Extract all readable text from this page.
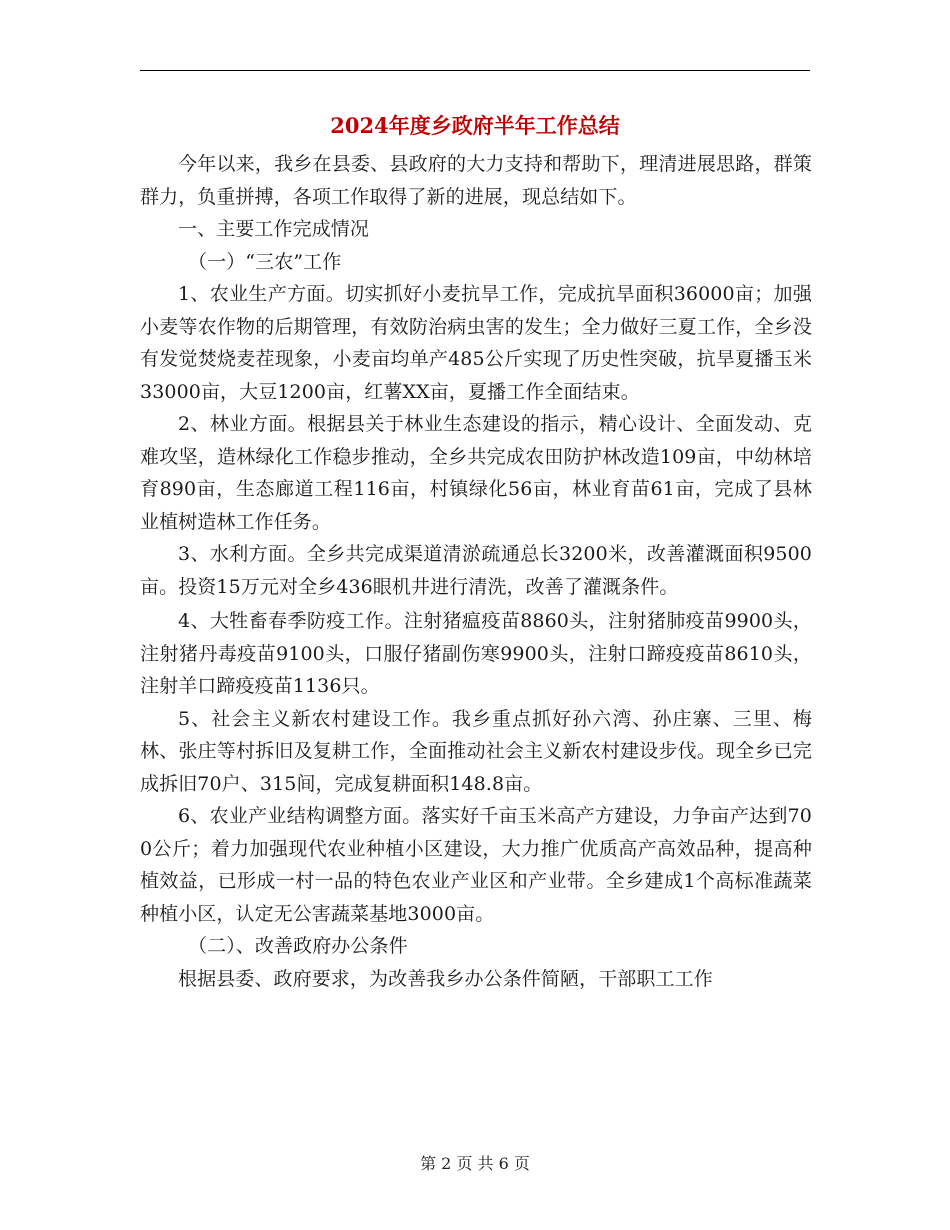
2024年度乡政府半年工作总结

今年以来，我乡在县委、县政府的大力支持和帮助下，理清进展思路，群策群力，负重拼搏，各项工作取得了新的进展，现总结如下。

一、主要工作完成情况

（一）“三农”工作

1、农业生产方面。切实抓好小麦抗旱工作，完成抗旱面积36000亩；加强小麦等农作物的后期管理，有效防治病虫害的发生；全力做好三夏工作，全乡没有发觉焚烧麦茬现象，小麦亩均单产485公斤实现了历史性突破，抗旱夏播玉米33000亩，大豆1200亩，红薯XX亩，夏播工作全面结束。

2、林业方面。根据县关于林业生态建设的指示，精心设计、全面发动、克难攻坚，造林绿化工作稳步推动，全乡共完成农田防护林改造109亩，中幼林培育890亩，生态廊道工程116亩，村镇绿化56亩，林业育苗61亩，完成了县林业植树造林工作任务。

3、水利方面。全乡共完成渠道清淤疏通总长3200米，改善灌溉面积9500亩。投资15万元对全乡436眼机井进行清洗，改善了灌溉条件。

4、大牲畜春季防疫工作。注射猪瘟疫苗8860头，注射猪肺疫苗9900头，注射猪丹毒疫苗9100头，口服仔猪副伤寒9900头，注射口蹄疫疫苗8610头，注射羊口蹄疫疫苗1136只。

5、社会主义新农村建设工作。我乡重点抓好孙六湾、孙庄寨、三里、梅林、张庄等村拆旧及复耕工作，全面推动社会主义新农村建设步伐。现全乡已完成拆旧70户、315间，完成复耕面积148.8亩。

6、农业产业结构调整方面。落实好千亩玉米高产方建设，力争亩产达到700公斤；着力加强现代农业种植小区建设，大力推广优质高产高效品种，提高种植效益，已形成一村一品的特色农业产业区和产业带。全乡建成1个高标准蔬菜种植小区，认定无公害蔬菜基地3000亩。

（二）、改善政府办公条件

根据县委、政府要求，为改善我乡办公条件简陋，干部职工工作

第 2 页 共 6 页
